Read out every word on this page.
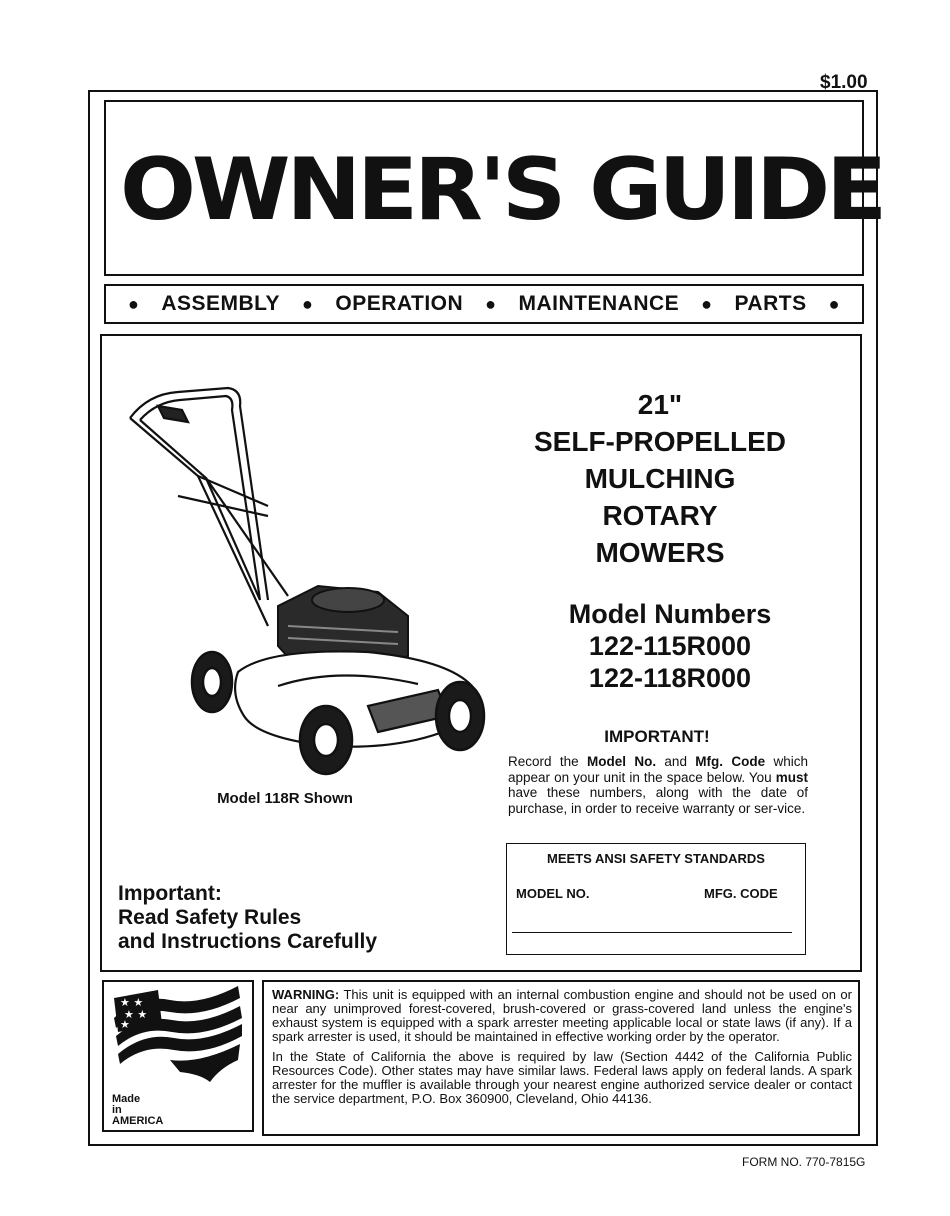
$1.00
OWNER'S GUIDE
● ASSEMBLY ● OPERATION ● MAINTENANCE ● PARTS ●
21"
SELF-PROPELLED
MULCHING
ROTARY
MOWERS
Model Numbers
122-115R000
122-118R000
IMPORTANT!
Record the Model No. and Mfg. Code which appear on your unit in the space below. You must have these numbers, along with the date of purchase, in order to receive warranty or ser-vice.
Model 118R Shown
Important:
Read Safety Rules
and Instructions Carefully
MEETS ANSI SAFETY STANDARDS
MODEL NO.	MFG. CODE
★ ★
★ ★
★
Made
in
AMERICA

WARNING: This unit is equipped with an internal combustion engine and should not be used on or near any unimproved forest-covered, brush-covered or grass-covered land unless the engine's exhaust system is equipped with a spark arrester meeting applicable local or state laws (if any). If a spark arrester is used, it should be maintained in effective working order by the operator.

In the State of California the above is required by law (Section 4442 of the California Public Resources Code). Other states may have similar laws. Federal laws apply on federal lands. A spark arrester for the muffler is available through your nearest engine authorized service dealer or contact the service department, P.O. Box 360900, Cleveland, Ohio 44136.

FORM NO. 770-7815G
